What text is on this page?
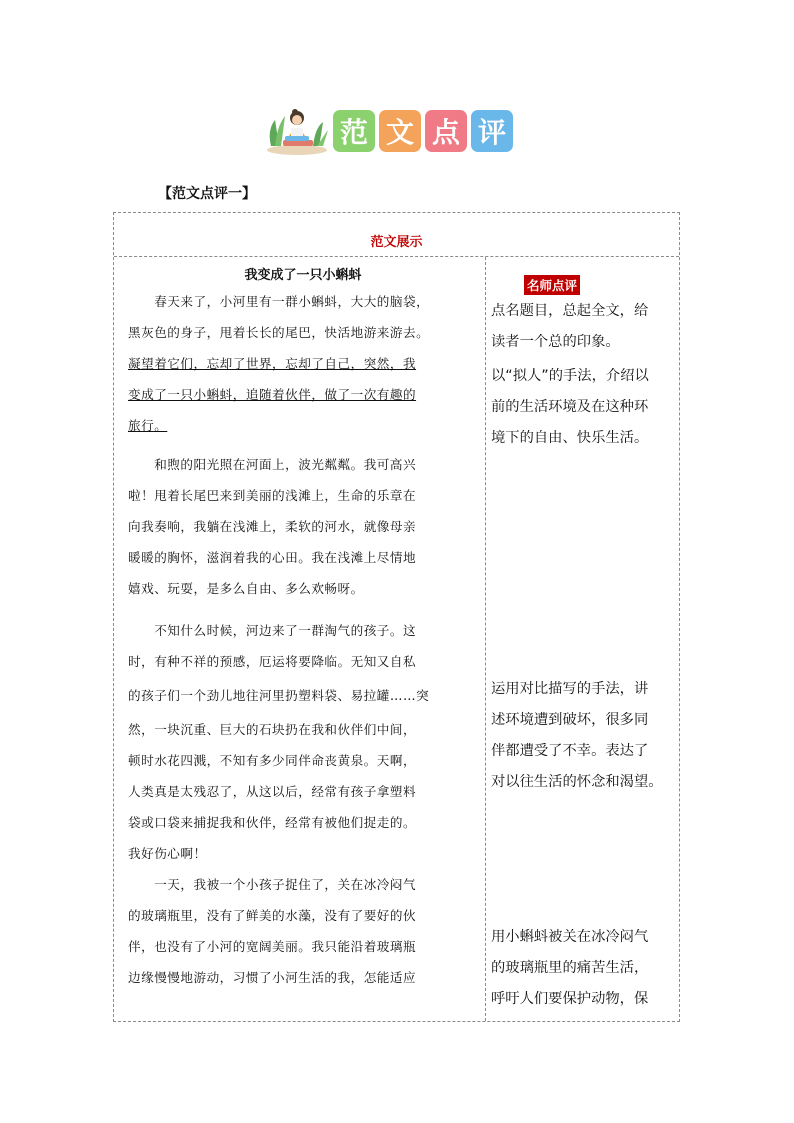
范 文 点 评
【范文点评一】
范文展示
我变成了一只小蝌蚪
　　春天来了，小河里有一群小蝌蚪，大大的脑袋，
黑灰色的身子，甩着长长的尾巴，快活地游来游去。
凝望着它们，忘却了世界，忘却了自己，突然，我
变成了一只小蝌蚪，追随着伙伴，做了一次有趣的
旅行。
　　和煦的阳光照在河面上，波光粼粼。我可高兴
啦！甩着长尾巴来到美丽的浅滩上，生命的乐章在
向我奏响，我躺在浅滩上，柔软的河水，就像母亲
暖暖的胸怀，滋润着我的心田。我在浅滩上尽情地
嬉戏、玩耍，是多么自由、多么欢畅呀。
　　不知什么时候，河边来了一群淘气的孩子。这
时，有种不祥的预感，厄运将要降临。无知又自私
的孩子们一个劲儿地往河里扔塑料袋、易拉罐……突
然，一块沉重、巨大的石块扔在我和伙伴们中间，
顿时水花四溅，不知有多少同伴命丧黄泉。天啊，
人类真是太残忍了，从这以后，经常有孩子拿塑料
袋或口袋来捕捉我和伙伴，经常有被他们捉走的。
我好伤心啊！
　　一天，我被一个小孩子捉住了，关在冰冷闷气
的玻璃瓶里，没有了鲜美的水藻，没有了要好的伙
伴，也没有了小河的宽阔美丽。我只能沿着玻璃瓶
边缘慢慢地游动，习惯了小河生活的我，怎能适应
名师点评
点名题目，总起全文，给
读者一个总的印象。
以“拟人”的手法，介绍以
前的生活环境及在这种环
境下的自由、快乐生活。
运用对比描写的手法，讲
述环境遭到破坏，很多同
伴都遭受了不幸。表达了
对以往生活的怀念和渴望。
用小蝌蚪被关在冰冷闷气
的玻璃瓶里的痛苦生活，
呼吁人们要保护动物，保
